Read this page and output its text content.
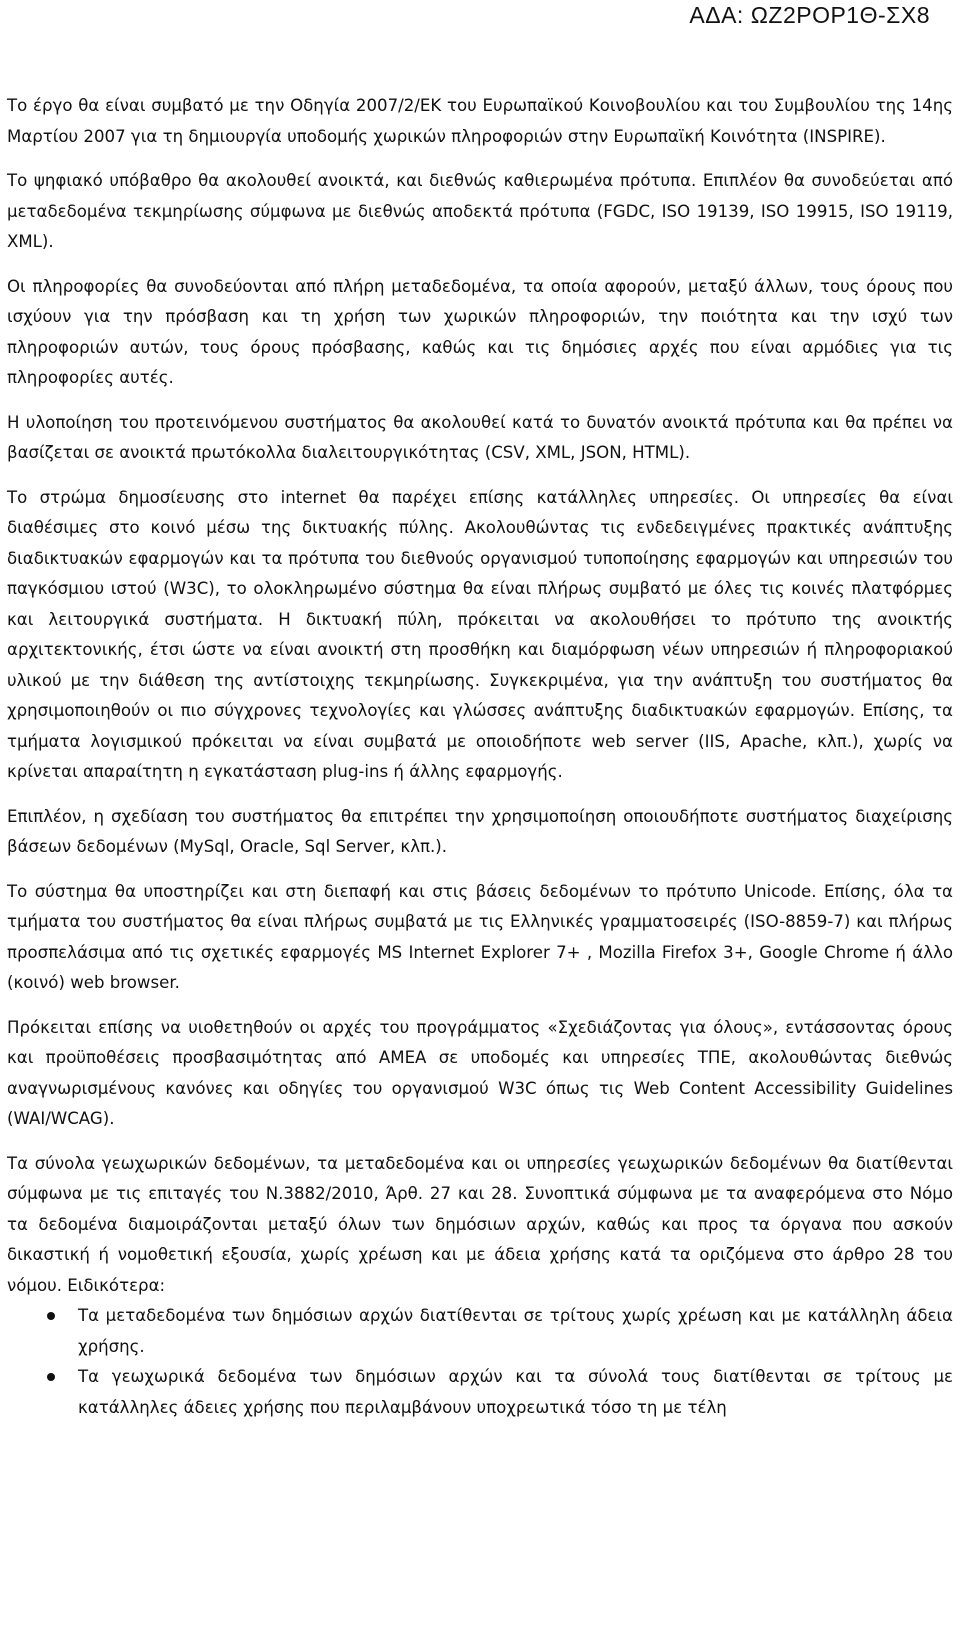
ΑΔΑ: ΩΖ2ΡΟΡ1Θ-ΣΧ8

Το έργο θα είναι συμβατό με την Οδηγία 2007/2/ΕΚ του Ευρωπαϊκού Κοινοβουλίου και του Συμβουλίου της 14ης Μαρτίου 2007 για τη δημιουργία υποδομής χωρικών πληροφοριών στην Ευρωπαϊκή Κοινότητα (INSPIRE).

Το ψηφιακό υπόβαθρο θα ακολουθεί ανοικτά, και διεθνώς καθιερωμένα πρότυπα. Επιπλέον θα συνοδεύεται από μεταδεδομένα τεκμηρίωσης σύμφωνα με διεθνώς αποδεκτά πρότυπα (FGDC, ISO 19139, ISO 19915, ISO 19119, XML).

Οι πληροφορίες θα συνοδεύονται από πλήρη μεταδεδομένα, τα οποία αφορούν, μεταξύ άλλων, τους όρους που ισχύουν για την πρόσβαση και τη χρήση των χωρικών πληροφοριών, την ποιότητα και την ισχύ των πληροφοριών αυτών, τους όρους πρόσβασης, καθώς και τις δημόσιες αρχές που είναι αρμόδιες για τις πληροφορίες αυτές.

Η υλοποίηση του προτεινόμενου συστήματος θα ακολουθεί κατά το δυνατόν ανοικτά πρότυπα και θα πρέπει να βασίζεται σε ανοικτά πρωτόκολλα διαλειτουργικότητας (CSV, XML, JSON, HTML).

Το στρώμα δημοσίευσης στο internet θα παρέχει επίσης κατάλληλες υπηρεσίες. Οι υπηρεσίες θα είναι διαθέσιμες στο κοινό μέσω της δικτυακής πύλης. Ακολουθώντας τις ενδεδειγμένες πρακτικές ανάπτυξης διαδικτυακών εφαρμογών και τα πρότυπα του διεθνούς οργανισμού τυποποίησης εφαρμογών και υπηρεσιών του παγκόσμιου ιστού (W3C), το ολοκληρωμένο σύστημα θα είναι πλήρως συμβατό με όλες τις κοινές πλατφόρμες και λειτουργικά συστήματα. Η δικτυακή πύλη, πρόκειται να ακολουθήσει το πρότυπο της ανοικτής αρχιτεκτονικής, έτσι ώστε να είναι ανοικτή στη προσθήκη και διαμόρφωση νέων υπηρεσιών ή πληροφοριακού υλικού με την διάθεση της αντίστοιχης τεκμηρίωσης. Συγκεκριμένα, για την ανάπτυξη του συστήματος θα χρησιμοποιηθούν οι πιο σύγχρονες τεχνολογίες και γλώσσες ανάπτυξης διαδικτυακών εφαρμογών. Επίσης, τα τμήματα λογισμικού πρόκειται να είναι συμβατά με οποιοδήποτε web server (IIS, Apache, κλπ.), χωρίς να κρίνεται απαραίτητη η εγκατάσταση plug-ins ή άλλης εφαρμογής.

Επιπλέον, η σχεδίαση του συστήματος θα επιτρέπει την χρησιμοποίηση οποιουδήποτε συστήματος διαχείρισης βάσεων δεδομένων (MySql, Oracle, Sql Server, κλπ.).

Το σύστημα θα υποστηρίζει και στη διεπαφή και στις βάσεις δεδομένων το πρότυπο Unicode. Επίσης, όλα τα τμήματα του συστήματος θα είναι πλήρως συμβατά με τις Ελληνικές γραμματοσειρές (ISO-8859-7) και πλήρως προσπελάσιμα από τις σχετικές εφαρμογές MS Internet Explorer 7+ , Mozilla Firefox 3+, Google Chrome ή άλλο (κοινό) web browser.

Πρόκειται επίσης να υιοθετηθούν οι αρχές του προγράμματος «Σχεδιάζοντας για όλους», εντάσσοντας όρους και προϋποθέσεις προσβασιμότητας από ΑΜΕΑ σε υποδομές και υπηρεσίες ΤΠΕ, ακολουθώντας διεθνώς αναγνωρισμένους κανόνες και οδηγίες του οργανισμού W3C όπως τις Web Content Accessibility Guidelines (WAI/WCAG).

Τα σύνολα γεωχωρικών δεδομένων, τα μεταδεδομένα και οι υπηρεσίες γεωχωρικών δεδομένων θα διατίθενται σύμφωνα με τις επιταγές του Ν.3882/2010, Άρθ. 27 και 28. Συνοπτικά σύμφωνα με τα αναφερόμενα στο Νόμο τα δεδομένα διαμοιράζονται μεταξύ όλων των δημόσιων αρχών, καθώς και προς τα όργανα που ασκούν δικαστική ή νομοθετική εξουσία, χωρίς χρέωση και με άδεια χρήσης κατά τα οριζόμενα στο άρθρο 28 του νόμου. Ειδικότερα:

Τα μεταδεδομένα των δημόσιων αρχών διατίθενται σε τρίτους χωρίς χρέωση και με κατάλληλη άδεια χρήσης.
Τα γεωχωρικά δεδομένα των δημόσιων αρχών και τα σύνολά τους διατίθενται σε τρίτους με κατάλληλες άδειες χρήσης που περιλαμβάνουν υποχρεωτικά τόσο τη με τέλη
